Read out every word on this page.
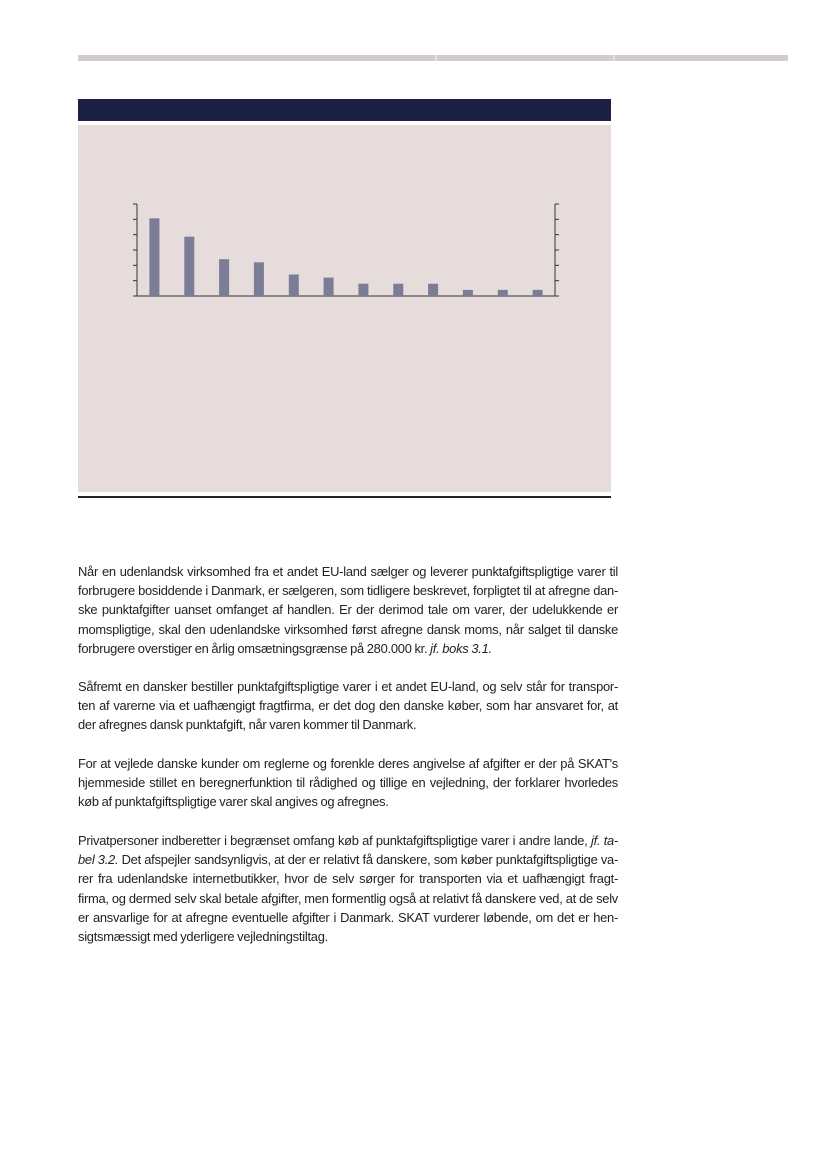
Når en udenlandsk virksomhed fra et andet EU-land sælger og leverer punktafgiftspligtige varer til
forbrugere bosiddende i Danmark, er sælgeren, som tidligere beskrevet, forpligtet til at afregne dan-
ske punktafgifter uanset omfanget af handlen. Er der derimod tale om varer, der udelukkende er
momspligtige, skal den udenlandske virksomhed først afregne dansk moms, når salget til danske
forbrugere overstiger en årlig omsætningsgrænse på 280.000 kr. jf. boks 3.1.
Såfremt en dansker bestiller punktafgiftspligtige varer i et andet EU-land, og selv står for transpor-
ten af varerne via et uafhængigt fragtfirma, er det dog den danske køber, som har ansvaret for, at
der afregnes dansk punktafgift, når varen kommer til Danmark.
For at vejlede danske kunder om reglerne og forenkle deres angivelse af afgifter er der på SKAT's
hjemmeside stillet en beregnerfunktion til rådighed og tillige en vejledning, der forklarer hvorledes
køb af punktafgiftspligtige varer skal angives og afregnes.
Privatpersoner indberetter i begrænset omfang køb af punktafgiftspligtige varer i andre lande, jf. ta-
bel 3.2. Det afspejler sandsynligvis, at der er relativt få danskere, som køber punktafgiftspligtige va-
rer fra udenlandske internetbutikker, hvor de selv sørger for transporten via et uafhængigt fragt-
firma, og dermed selv skal betale afgifter, men formentlig også at relativt få danskere ved, at de selv
er ansvarlige for at afregne eventuelle afgifter i Danmark. SKAT vurderer løbende, om det er hen-
sigtsmæssigt med yderligere vejledningstiltag.
